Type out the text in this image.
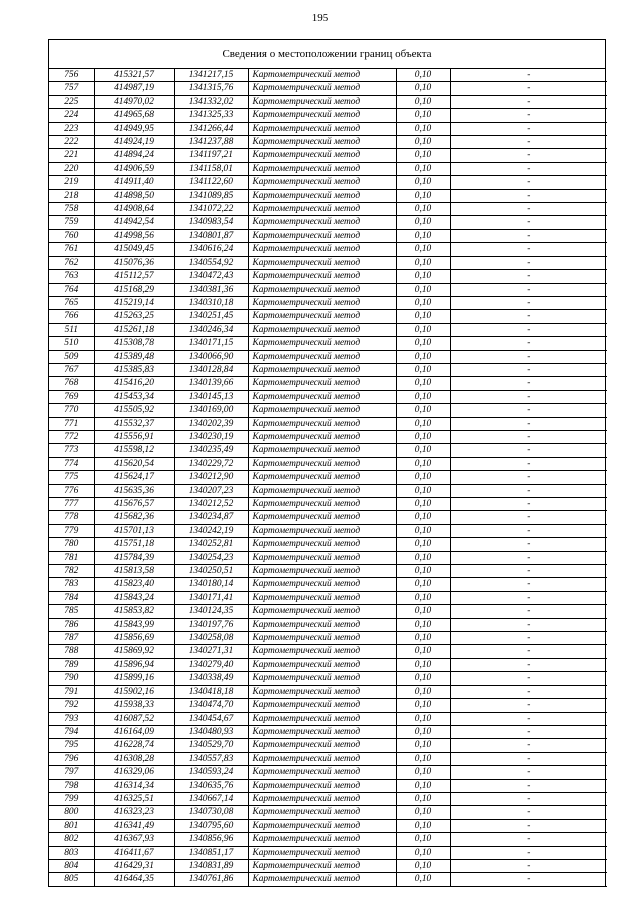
195
Сведения о местоположении границ объекта
756	415321,57	1341217,15	Картометрический метод	0,10	-
757	414987,19	1341315,76	Картометрический метод	0,10	-
225	414970,02	1341332,02	Картометрический метод	0,10	-
224	414965,68	1341325,33	Картометрический метод	0,10	-
223	414949,95	1341266,44	Картометрический метод	0,10	-
222	414924,19	1341237,88	Картометрический метод	0,10	-
221	414894,24	1341197,21	Картометрический метод	0,10	-
220	414906,59	1341158,01	Картометрический метод	0,10	-
219	414911,40	1341122,60	Картометрический метод	0,10	-
218	414898,50	1341089,85	Картометрический метод	0,10	-
758	414908,64	1341072,22	Картометрический метод	0,10	-
759	414942,54	1340983,54	Картометрический метод	0,10	-
760	414998,56	1340801,87	Картометрический метод	0,10	-
761	415049,45	1340616,24	Картометрический метод	0,10	-
762	415076,36	1340554,92	Картометрический метод	0,10	-
763	415112,57	1340472,43	Картометрический метод	0,10	-
764	415168,29	1340381,36	Картометрический метод	0,10	-
765	415219,14	1340310,18	Картометрический метод	0,10	-
766	415263,25	1340251,45	Картометрический метод	0,10	-
511	415261,18	1340246,34	Картометрический метод	0,10	-
510	415308,78	1340171,15	Картометрический метод	0,10	-
509	415389,48	1340066,90	Картометрический метод	0,10	-
767	415385,83	1340128,84	Картометрический метод	0,10	-
768	415416,20	1340139,66	Картометрический метод	0,10	-
769	415453,34	1340145,13	Картометрический метод	0,10	-
770	415505,92	1340169,00	Картометрический метод	0,10	-
771	415532,37	1340202,39	Картометрический метод	0,10	-
772	415556,91	1340230,19	Картометрический метод	0,10	-
773	415598,12	1340235,49	Картометрический метод	0,10	-
774	415620,54	1340229,72	Картометрический метод	0,10	-
775	415624,17	1340212,90	Картометрический метод	0,10	-
776	415635,36	1340207,23	Картометрический метод	0,10	-
777	415676,57	1340212,52	Картометрический метод	0,10	-
778	415682,36	1340234,87	Картометрический метод	0,10	-
779	415701,13	1340242,19	Картометрический метод	0,10	-
780	415751,18	1340252,81	Картометрический метод	0,10	-
781	415784,39	1340254,23	Картометрический метод	0,10	-
782	415813,58	1340250,51	Картометрический метод	0,10	-
783	415823,40	1340180,14	Картометрический метод	0,10	-
784	415843,24	1340171,41	Картометрический метод	0,10	-
785	415853,82	1340124,35	Картометрический метод	0,10	-
786	415843,99	1340197,76	Картометрический метод	0,10	-
787	415856,69	1340258,08	Картометрический метод	0,10	-
788	415869,92	1340271,31	Картометрический метод	0,10	-
789	415896,94	1340279,40	Картометрический метод	0,10	-
790	415899,16	1340338,49	Картометрический метод	0,10	-
791	415902,16	1340418,18	Картометрический метод	0,10	-
792	415938,33	1340474,70	Картометрический метод	0,10	-
793	416087,52	1340454,67	Картометрический метод	0,10	-
794	416164,09	1340480,93	Картометрический метод	0,10	-
795	416228,74	1340529,70	Картометрический метод	0,10	-
796	416308,28	1340557,83	Картометрический метод	0,10	-
797	416329,06	1340593,24	Картометрический метод	0,10	-
798	416314,34	1340635,76	Картометрический метод	0,10	-
799	416325,51	1340667,14	Картометрический метод	0,10	-
800	416323,23	1340730,08	Картометрический метод	0,10	-
801	416341,49	1340795,60	Картометрический метод	0,10	-
802	416367,93	1340856,96	Картометрический метод	0,10	-
803	416411,67	1340851,17	Картометрический метод	0,10	-
804	416429,31	1340831,89	Картометрический метод	0,10	-
805	416464,35	1340761,86	Картометрический метод	0,10	-
